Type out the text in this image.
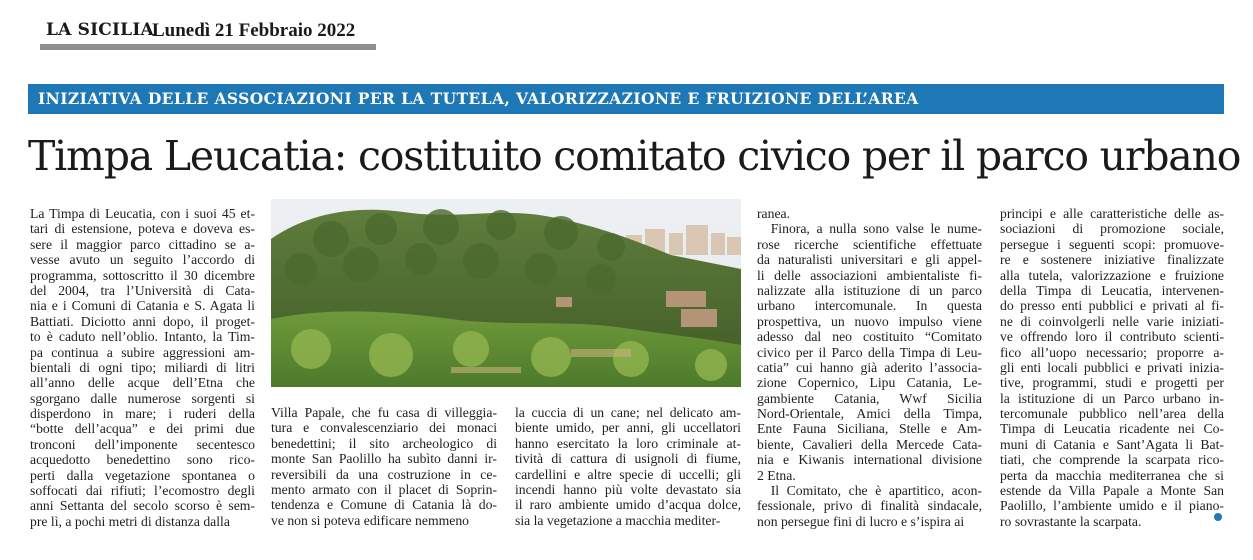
LA SICILIA
Lunedì 21 Febbraio 2022
INIZIATIVA DELLE ASSOCIAZIONI PER LA TUTELA, VALORIZZAZIONE E FRUIZIONE DELL’AREA
Timpa Leucatia: costituito comitato civico per il parco urbano
La Timpa di Leucatia, con i suoi 45 et-
tari di estensione, poteva e doveva es-
sere il maggior parco cittadino se a-
vesse avuto un seguito l’accordo di
programma, sottoscritto il 30 dicembre
del 2004, tra l’Università di Cata-
nia e i Comuni di Catania e S. Agata li
Battiati. Diciotto anni dopo, il proget-
to è caduto nell’oblio. Intanto, la Tim-
pa continua a subire aggressioni am-
bientali di ogni tipo; miliardi di litri
all’anno delle acque dell’Etna che
sgorgano dalle numerose sorgenti si
disperdono in mare; i ruderi della
“botte dell’acqua” e dei primi due
tronconi dell’imponente secentesco
acquedotto benedettino sono rico-
perti dalla vegetazione spontanea o
soffocati dai rifiuti; l’ecomostro degli
anni Settanta del secolo scorso è sem-
pre lì, a pochi metri di distanza dalla
Villa Papale, che fu casa di villeggia-
tura e convalescenziario dei monaci
benedettini; il sito archeologico di
monte San Paolillo ha subìto danni ir-
reversibili da una costruzione in ce-
mento armato con il placet di Soprin-
tendenza e Comune di Catania là do-
ve non si poteva edificare nemmeno
la cuccia di un cane; nel delicato am-
biente umido, per anni, gli uccellatori
hanno esercitato la loro criminale at-
tività di cattura di usignoli di fiume,
cardellini e altre specie di uccelli; gli
incendi hanno più volte devastato sia
il raro ambiente umido d’acqua dolce,
sia la vegetazione a macchia mediter-
ranea.
 Finora, a nulla sono valse le nume-
rose ricerche scientifiche effettuate
da naturalisti universitari e gli appel-
li delle associazioni ambientaliste fi-
nalizzate alla istituzione di un parco
urbano intercomunale. In questa
prospettiva, un nuovo impulso viene
adesso dal neo costituito “Comitato
civico per il Parco della Timpa di Leu-
catia” cui hanno già aderito l’associa-
zione Copernico, Lipu Catania, Le-
gambiente Catania, Wwf Sicilia
Nord-Orientale, Amici della Timpa,
Ente Fauna Siciliana, Stelle e Am-
biente, Cavalieri della Mercede Cata-
nia e Kiwanis international divisione
2 Etna.
 Il Comitato, che è apartitico, acon-
fessionale, privo di finalità sindacale,
non persegue fini di lucro e s’ispira ai
principi e alle caratteristiche delle as-
sociazioni di promozione sociale,
persegue i seguenti scopi: promuove-
re e sostenere iniziative finalizzate
alla tutela, valorizzazione e fruizione
della Timpa di Leucatia, intervenen-
do presso enti pubblici e privati al fi-
ne di coinvolgerli nelle varie iniziati-
ve offrendo loro il contributo scienti-
fico all’uopo necessario; proporre a-
gli enti locali pubblici e privati inizia-
tive, programmi, studi e progetti per
la istituzione di un Parco urbano in-
tercomunale pubblico nell’area della
Timpa di Leucatia ricadente nei Co-
muni di Catania e Sant’Agata li Bat-
tiati, che comprende la scarpata rico-
perta da macchia mediterranea che si
estende da Villa Papale a Monte San
Paolillo, l’ambiente umido e il piano-
ro sovrastante la scarpata.
